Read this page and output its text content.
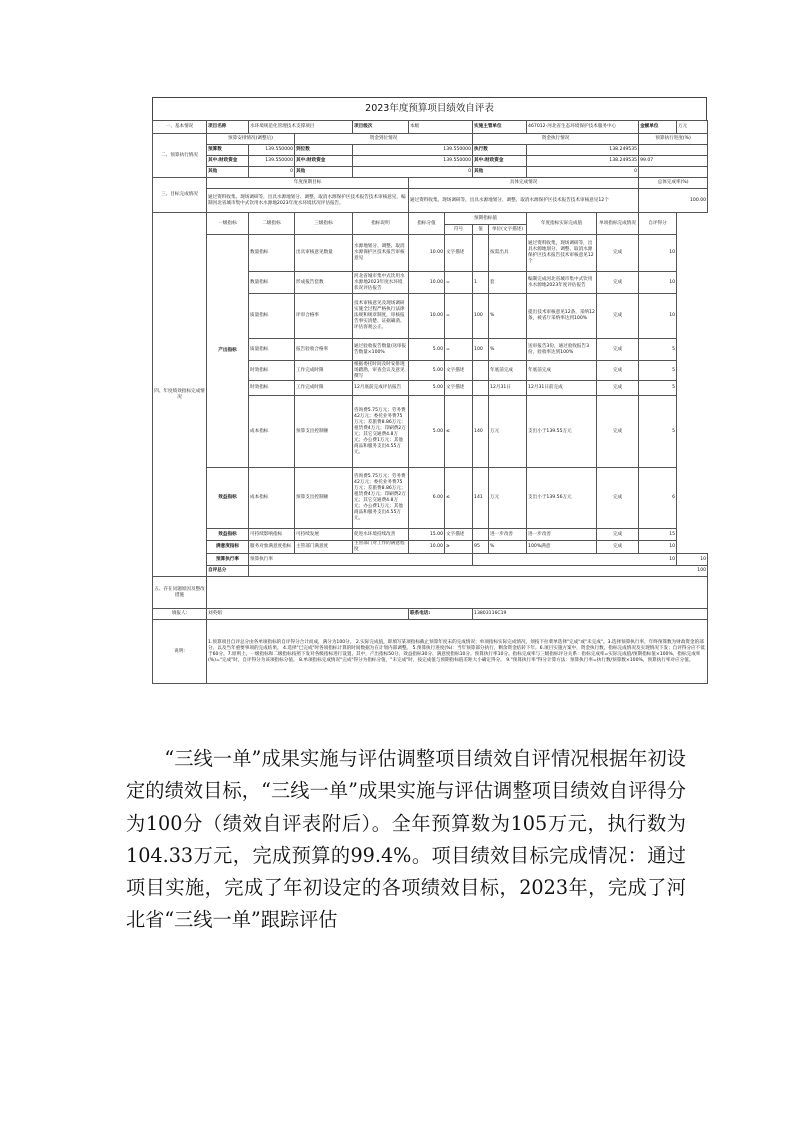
2023年度预算项目绩效自评表
一、基本情况	项目名称	水环境规范化管理技术支撑项目		项目级次	本级		实施主管单位		467012-河北省生态环境保护技术服务中心		金额单位	万元
二、预算执行情况	预算安排情况(调整后)		资金到位情况				资金执行情况				预算执行进度(%)	
	预算数	139.550000	到位数	139.550000			执行数		138.249535			
	其中:财政资金	139.550000	其中:财政资金	139.550000			其中:财政资金		138.249535		99.07	
	其他	0	其他	0			其他		0			
三、目标完成情况	年度预期目标				具体完成情况						总体完成率(%)	
	通过资料收集、现场调研等，出具水源地划分、调整、取消水源保护区技术报告技术审核意见，编制河北省城市集中式饮用水水源地2023年度水环境状况评估报告。				通过资料收集、现场调研等，出具水源地划分、调整、取消水源保护区技术报告技术审核意见12个						100.00	
四、年度绩效指标完成情况	一级指标	二级指标	三级指标	指标说明	指标分值	预期指标值			年度指标实际完成值	单项指标完成情况	自评得分	
						符号	值	单位(文字描述)				
	产出指标	数量指标	出具审核意见数量	水源地划分、调整、取消水源保护区技术报告审核意见	10.00	文字描述		按需出具	通过资料收集，现场调研等，出具水源地划分、调整、取消水源保护区技术报告技术审核意见12个	完成	10	
		数量指标	形成报告套数	河北省城市集中式饮用水水源地2023年度水环境状况评估报告	10.00	=	1	套	编制完成河北省城市集中式饮用水水源地2023年度评估报告	完成	10	
		质量指标	评审合格率	技术审核意见及现场调研实施全过程严格执行法律法规和规章制度，审核报告事实清楚、证据确凿、评估客观公正。	10.00	=	100	%	提出技术审核意见12条，采纳12条，被省厅采纳率达到100%	完成	10	
		质量指标	报告验收合格率	通过验收报告数量/送审报告数量×100%	5.00	=	100	%	送审报告3份，通过验收报告3份，验收率达到100%	完成	5	
		时效指标	工作完成时限	根据委托时间及时安排现场踏勘，审查会议及意见撰写	5.00	文字描述		年底前完成	年底前完成	完成	5	
		时效指标	工作完成时限	12月底前完成评估报告	5.00	文字描述		12月31日	12月31日前完成	完成	5	
		成本指标	预算支出控制额	咨询费5.75万元；劳务费42万元；委托业务费75万元；差旅费8.86万元；租赁费4万元；印刷费2万元；其它交通费4.8万元；办公费1万元；其他商品和服务支出4.55万元。	5.00	≤	140	万元	支出小于139.55万元	完成	5	
	效益指标	成本指标	预算支出控制额	咨询费5.75万元；劳务费42万元；委托业务费75万元；差旅费8.86万元；租赁费4万元；印刷费2万元；其它交通费4.8万元；办公费1万元；其他商品和服务支出4.55万元。	6.00	≤	141	万元	支出小于139.56万元	完成	6	
	效益指标	可持续影响指标	可持续发展	促进水环境持续改善	15.00	文字描述		进一步改善	进一步改善	完成	15	
	满意度指标	服务对象满意度指标	主管部门满意度	主管部门对工作的满意程度	10.00	≥	95	%	100%满意	完成	10	
	预算执行率	预算执行率					10					10
	自评总分	100										
五、存在问题原因及整改措施												
填报人:	刘英娟				联系电话:		13803116C19					
说明:	1.预算项目自评总分由各单项指标的自评得分合计而成，满分为100分。 2.实际完成值，即填写某项指标截止预算年度末的完成情况；单项指标实际完成情况，须按下拉菜单选择"完成"或"未完成"。3.选择预算执行率，年终预算数为财政资金的部分，以及当年重要事项的完成结果。 4.选择"已完成"时各项指标计算的时间数据为在计划内部调整。 5.预算执行进度(%)：当年预算部分执行，剩余资金结转下年。6.项目实施方案中，资金执行数、指标完成情况及实现情况下发；自评得分应不低于60分。7.原则上，一级指标和二级指标按照下发对各级指标进行设置，其中，产出指标50分、效益指标30分、满意度指标10分。预算执行率10分。指标完成率与三级指标评分关系：指标完成率=实际完成值/预期指标值×100%，指标完成率(%)="完成"时，自评得分为该项指标分值。 8.单项指标完成情况"完成"得分为指标分值，"未完成"时，按完成值与预期指标值差距大小确定得分。 9."预算执行率"得分计算方法：预算执行率=执行数/预算数×100%，预算执行率对应分值。											

“三线一单”成果实施与评估调整项目绩效自评情况根据年初设定的绩效目标，“三线一单”成果实施与评估调整项目绩效自评得分为100分（绩效自评表附后）。全年预算数为105万元，执行数为104.33万元，完成预算的99.4%。项目绩效目标完成情况：通过项目实施，完成了年初设定的各项绩效目标，2023年，完成了河北省“三线一单”跟踪评估
